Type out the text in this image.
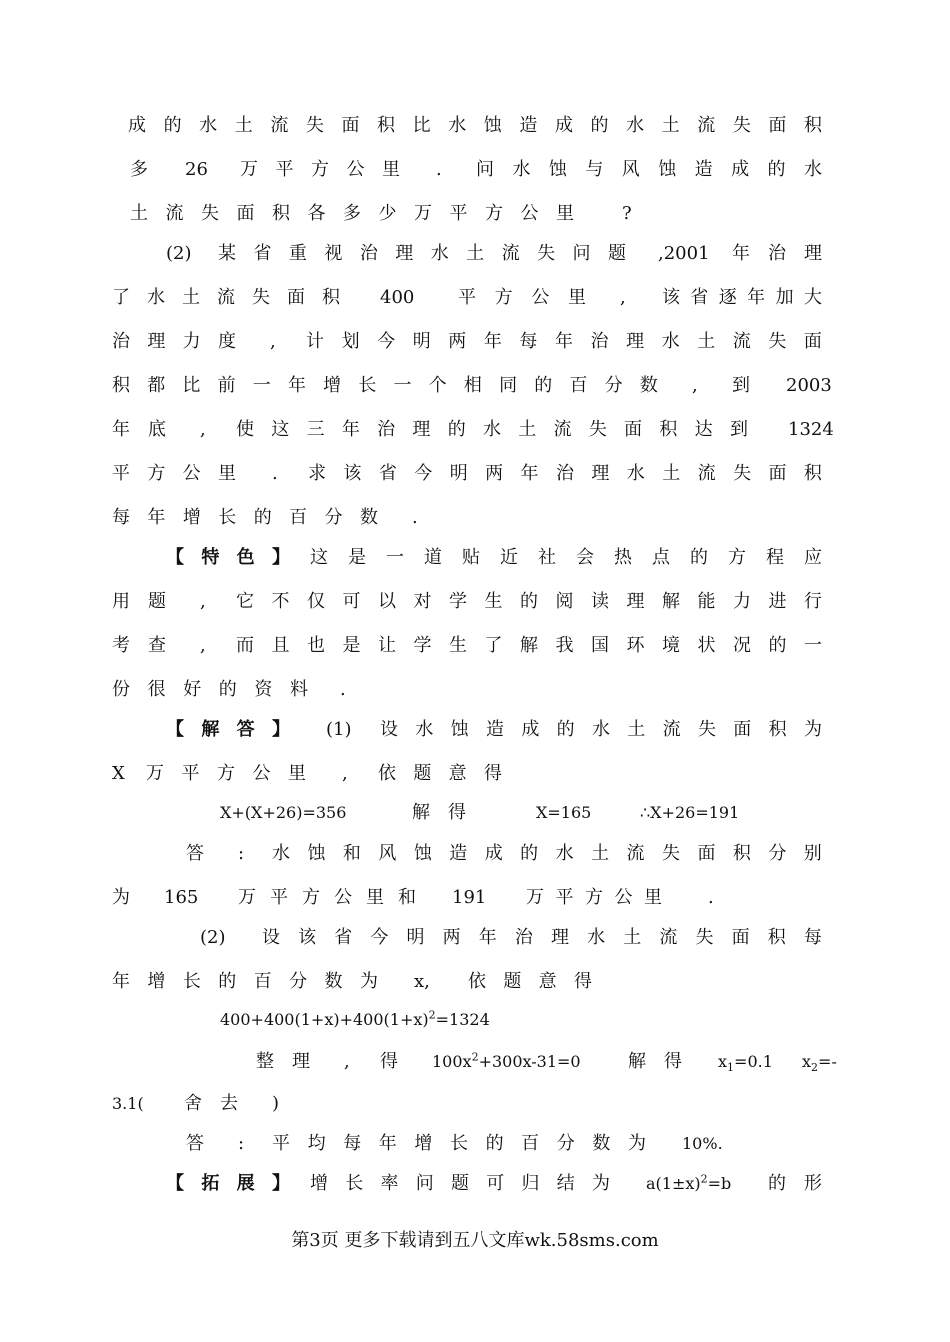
成 的 水 土 流 失 面 积 比 水 蚀 造 成 的 水 土 流 失 面 积
多 26 万 平 方 公 里 . 问 水 蚀 与 风 蚀 造 成 的 水
土 流 失 面 积 各 多 少 万 平 方 公 里	?
(2) 某 省 重 视 治 理 水 土 流 失 问 题 ,2001 年 治 理
了 水 土 流 失 面 积 400 平 方 公 里 , 该 省 逐 年 加 大
治 理 力 度 , 计 划 今 明 两 年 每 年 治 理 水 土 流 失 面
积 都 比 前 一 年 增 长 一 个 相 同 的 百 分 数 , 到 2003
年 底 , 使 这 三 年 治 理 的 水 土 流 失 面 积 达 到 1324
平 方 公 里 . 求 该 省 今 明 两 年 治 理 水 土 流 失 面 积
每 年 增 长 的 百 分 数 .
【 特 色 】 这 是 一 道 贴 近 社 会 热 点 的 方 程 应
用 题 , 它 不 仅 可 以 对 学 生 的 阅 读 理 解 能 力 进 行
考 查 , 而 且 也 是 让 学 生 了 解 我 国 环 境 状 况 的 一
份 很 好 的 资 料 .
【 解 答 】 (1) 设 水 蚀 造 成 的 水 土 流 失 面 积 为
X 万 平 方 公 里 , 依 题 意 得
X+(X+26)=356	解 得	X=165	∴X+26=191
答 : 水 蚀 和 风 蚀 造 成 的 水 土 流 失 面 积 分 别
为 165 万 平 方 公 里 和 191 万 平 方 公 里	.
(2) 设 该 省 今 明 两 年 治 理 水 土 流 失 面 积 每
年 增 长 的 百 分 数 为 x, 依 题 意 得
$400+400(1+x)+400(1+x)^2=1324$
整 理 , 得 $100x^2+300x-31=0$	解 得 $x_1=0.1$ $x_2=-$
3.1( 舍 去 )
答 : 平 均 每 年 增 长 的 百 分 数 为 10%.
【 拓 展 】 增 长 率 问 题 可 归 结 为 $a(1\pm x)^2=b$ 的 形
第3页 更多下载请到五八文库wk.58sms.com
